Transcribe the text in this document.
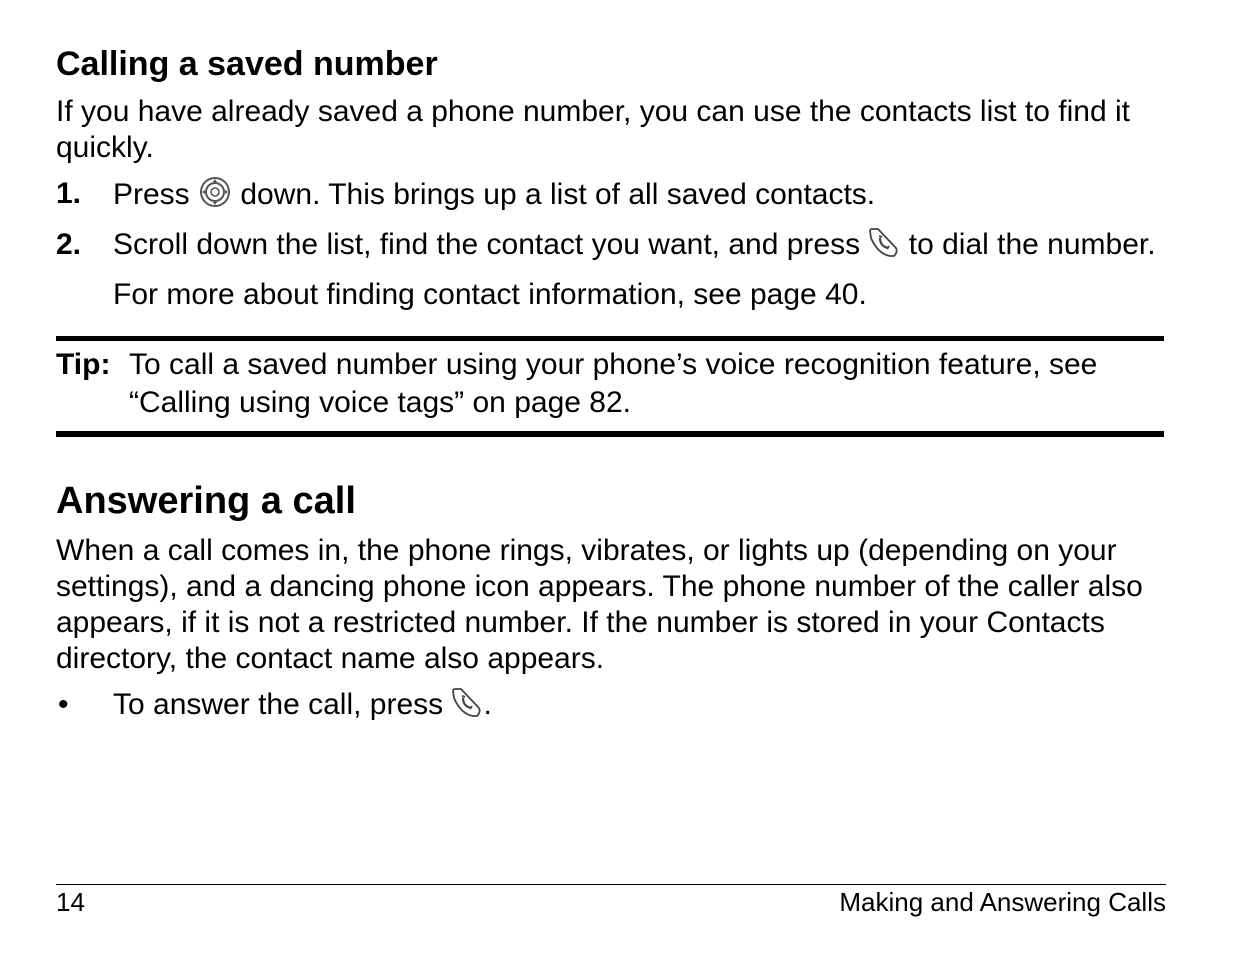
Calling a saved number

If you have already saved a phone number, you can use the contacts list to find it quickly.

1. Press  down. This brings up a list of all saved contacts.
2. Scroll down the list, find the contact you want, and press  to dial the number.

For more about finding contact information, see page 40.

Tip: To call a saved number using your phone’s voice recognition feature, see “Calling using voice tags” on page 82.
Answering a call

When a call comes in, the phone rings, vibrates, or lights up (depending on your settings), and a dancing phone icon appears. The phone number of the caller also appears, if it is not a restricted number. If the number is stored in your Contacts directory, the contact name also appears.

• To answer the call, press .
14	Making and Answering Calls
